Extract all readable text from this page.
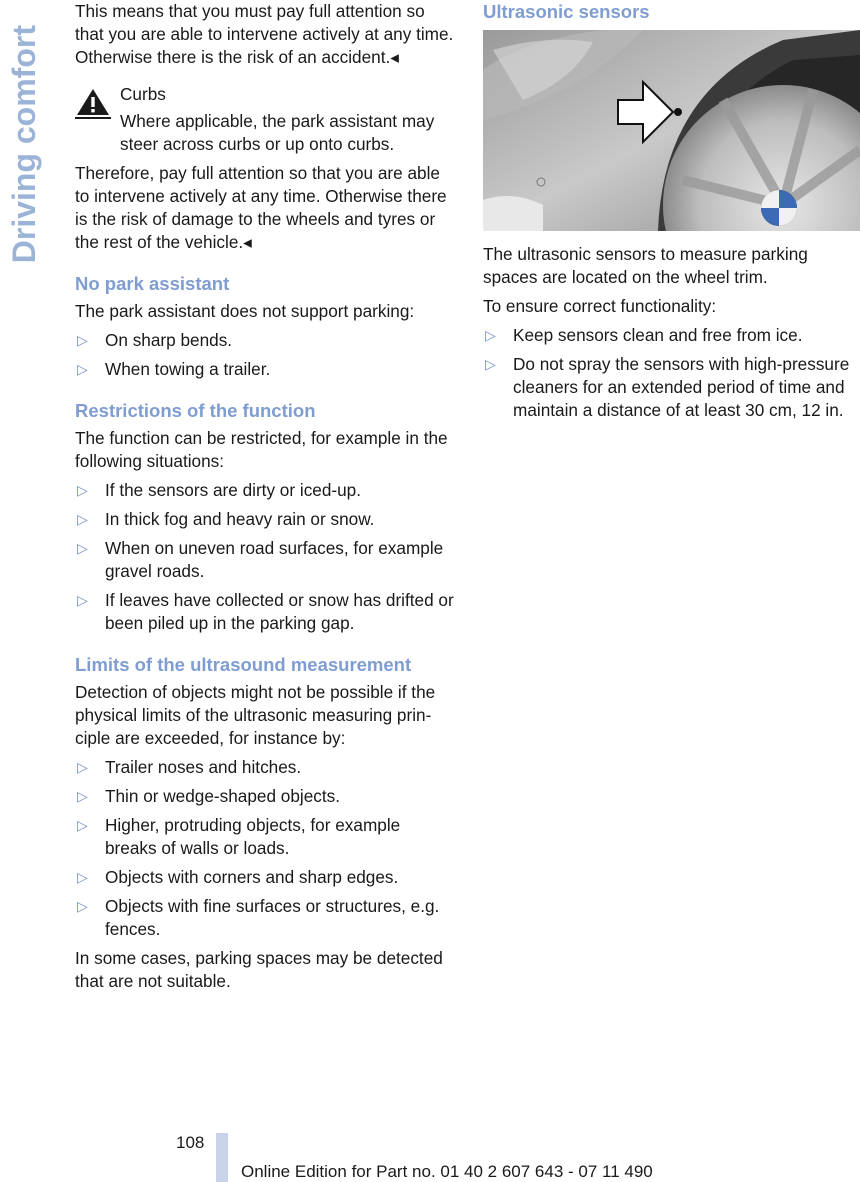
Driving comfort

This means that you must pay full attention so that you are able to intervene actively at any time. Otherwise there is the risk of an accident.◂

Curbs

Where applicable, the park assistant may steer across curbs or up onto curbs.

Therefore, pay full attention so that you are able to intervene actively at any time. Otherwise there is the risk of damage to the wheels and tyres or the rest of the vehicle.◂

No park assistant

The park assistant does not support parking:

▷ On sharp bends.
▷ When towing a trailer.
Restrictions of the function

The function can be restricted, for example in the following situations:

▷ If the sensors are dirty or iced-up.
▷ In thick fog and heavy rain or snow.
▷ When on uneven road surfaces, for example gravel roads.
▷ If leaves have collected or snow has drifted or been piled up in the parking gap.
Limits of the ultrasound measurement

Detection of objects might not be possible if the physical limits of the ultrasonic measuring prin-ciple are exceeded, for instance by:

▷ Trailer noses and hitches.
▷ Thin or wedge-shaped objects.
▷ Higher, protruding objects, for example breaks of walls or loads.
▷ Objects with corners and sharp edges.
▷ Objects with fine surfaces or structures, e.g. fences.

In some cases, parking spaces may be detected that are not suitable.

Ultrasonic sensors

The ultrasonic sensors to measure parking spaces are located on the wheel trim.

To ensure correct functionality:

▷ Keep sensors clean and free from ice.
▷ Do not spray the sensors with high-pressure cleaners for an extended period of time and maintain a distance of at least 30 cm, 12 in.
108
Online Edition for Part no. 01 40 2 607 643 - 07 11 490
